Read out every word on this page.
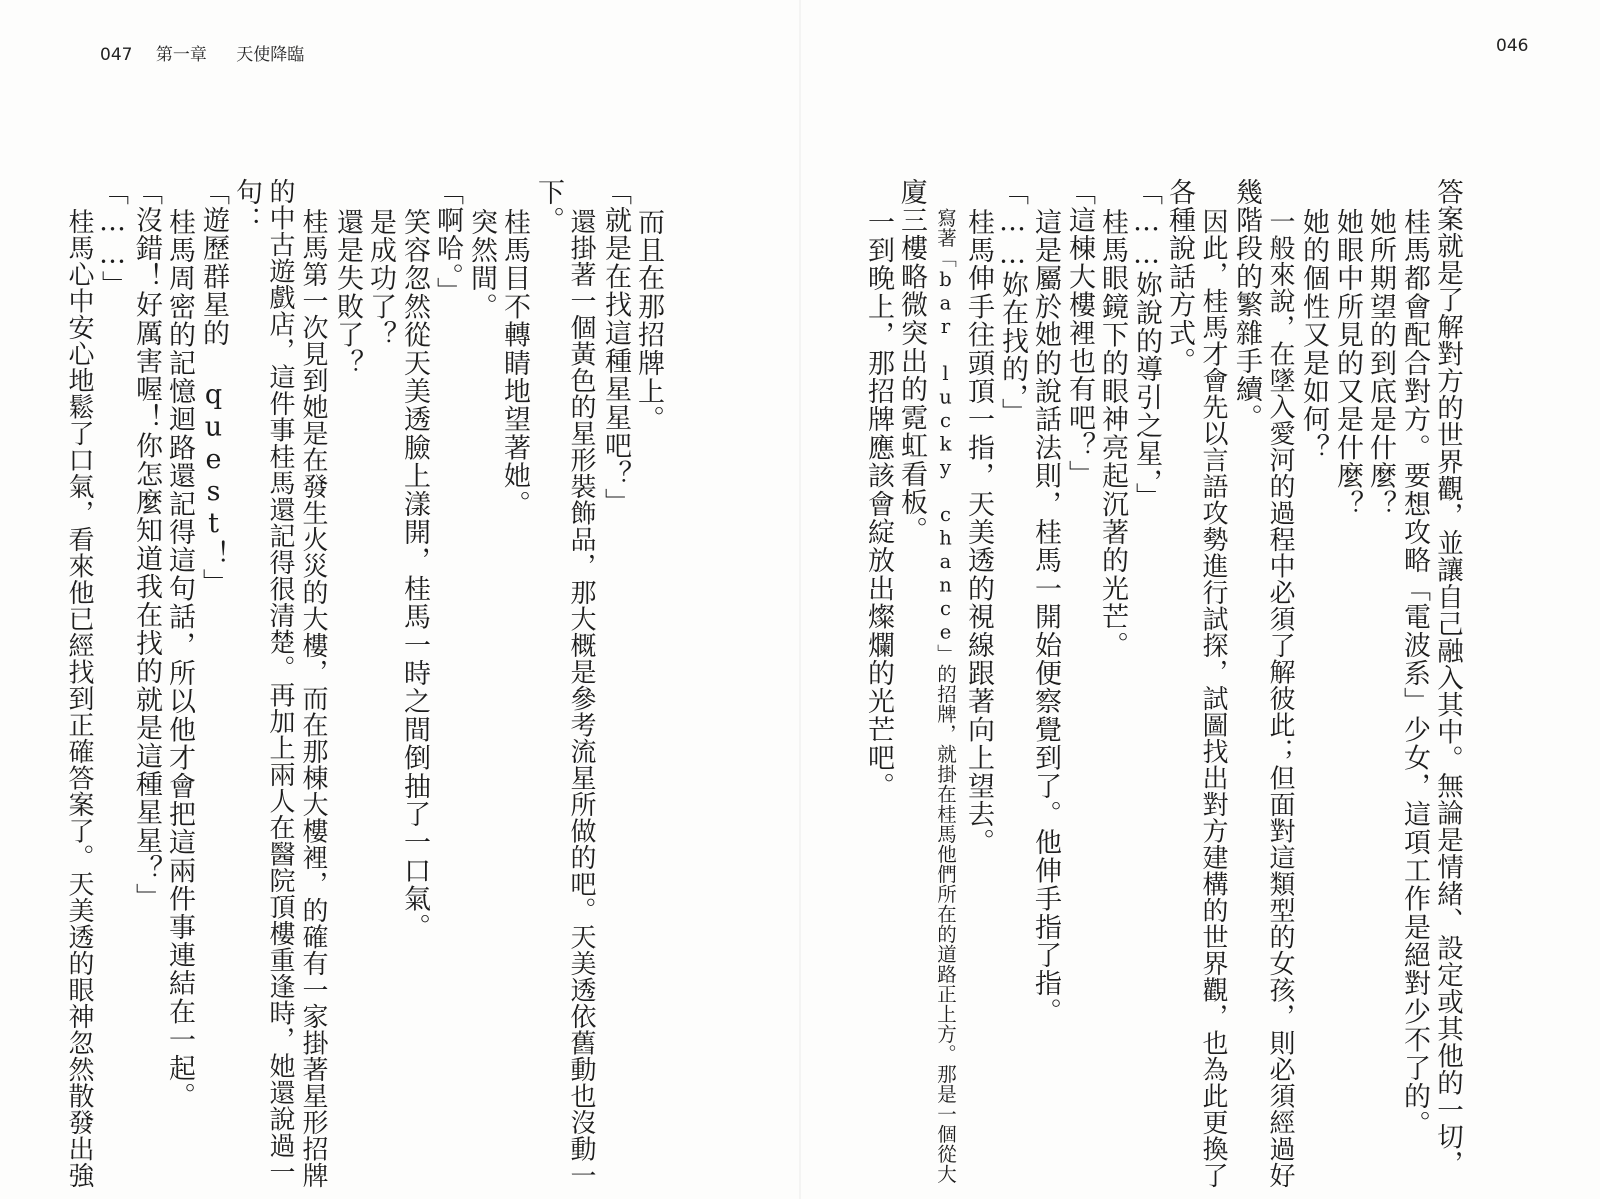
047 第一章 天使降臨	046
答案就是了解對方的世界觀，並讓自己融入其中。無論是情緒、設定或其他的一切，
桂馬都會配合對方。要想攻略「電波系」少女，這項工作是絕對少不了的。
她所期望的到底是什麼？
她眼中所見的又是什麼？
她的個性又是如何？
一般來說，在墜入愛河的過程中必須了解彼此；但面對這類型的女孩，則必須經過好
幾階段的繁雜手續。
因此，桂馬才會先以言語攻勢進行試探，試圖找出對方建構的世界觀，也為此更換了
各種說話方式。
「……妳說的導引之星，」
桂馬眼鏡下的眼神亮起沉著的光芒。
「這棟大樓裡也有吧？」
這是屬於她的說話法則，桂馬一開始便察覺到了。他伸手指了指。
「……妳在找的，」
桂馬伸手往頭頂一指，天美透的視線跟著向上望去。
寫著「bar lucky chance」的招牌，就掛在桂馬他們所在的道路正上方。那是一個從大
廈三樓略微突出的霓虹看板。
一到晚上，那招牌應該會綻放出燦爛的光芒吧。
而且在那招牌上。
「就是在找這種星星吧？」
還掛著一個黃色的星形裝飾品，那大概是參考流星所做的吧。天美透依舊動也沒動一
下。
桂馬目不轉睛地望著她。
突然間。
「啊哈。」
笑容忽然從天美透臉上漾開，桂馬一時之間倒抽了一口氣。
是成功了？
還是失敗了？
桂馬第一次見到她是在發生火災的大樓，而在那棟大樓裡，的確有一家掛著星形招牌
的中古遊戲店，這件事桂馬還記得很清楚。再加上兩人在醫院頂樓重逢時，她還說過一
句：
「遊歷群星的 quest！」
桂馬周密的記憶迴路還記得這句話，所以他才會把這兩件事連結在一起。
「沒錯！好厲害喔！你怎麼知道我在找的就是這種星星？」
「……」
桂馬心中安心地鬆了口氣，看來他已經找到正確答案了。天美透的眼神忽然散發出強
